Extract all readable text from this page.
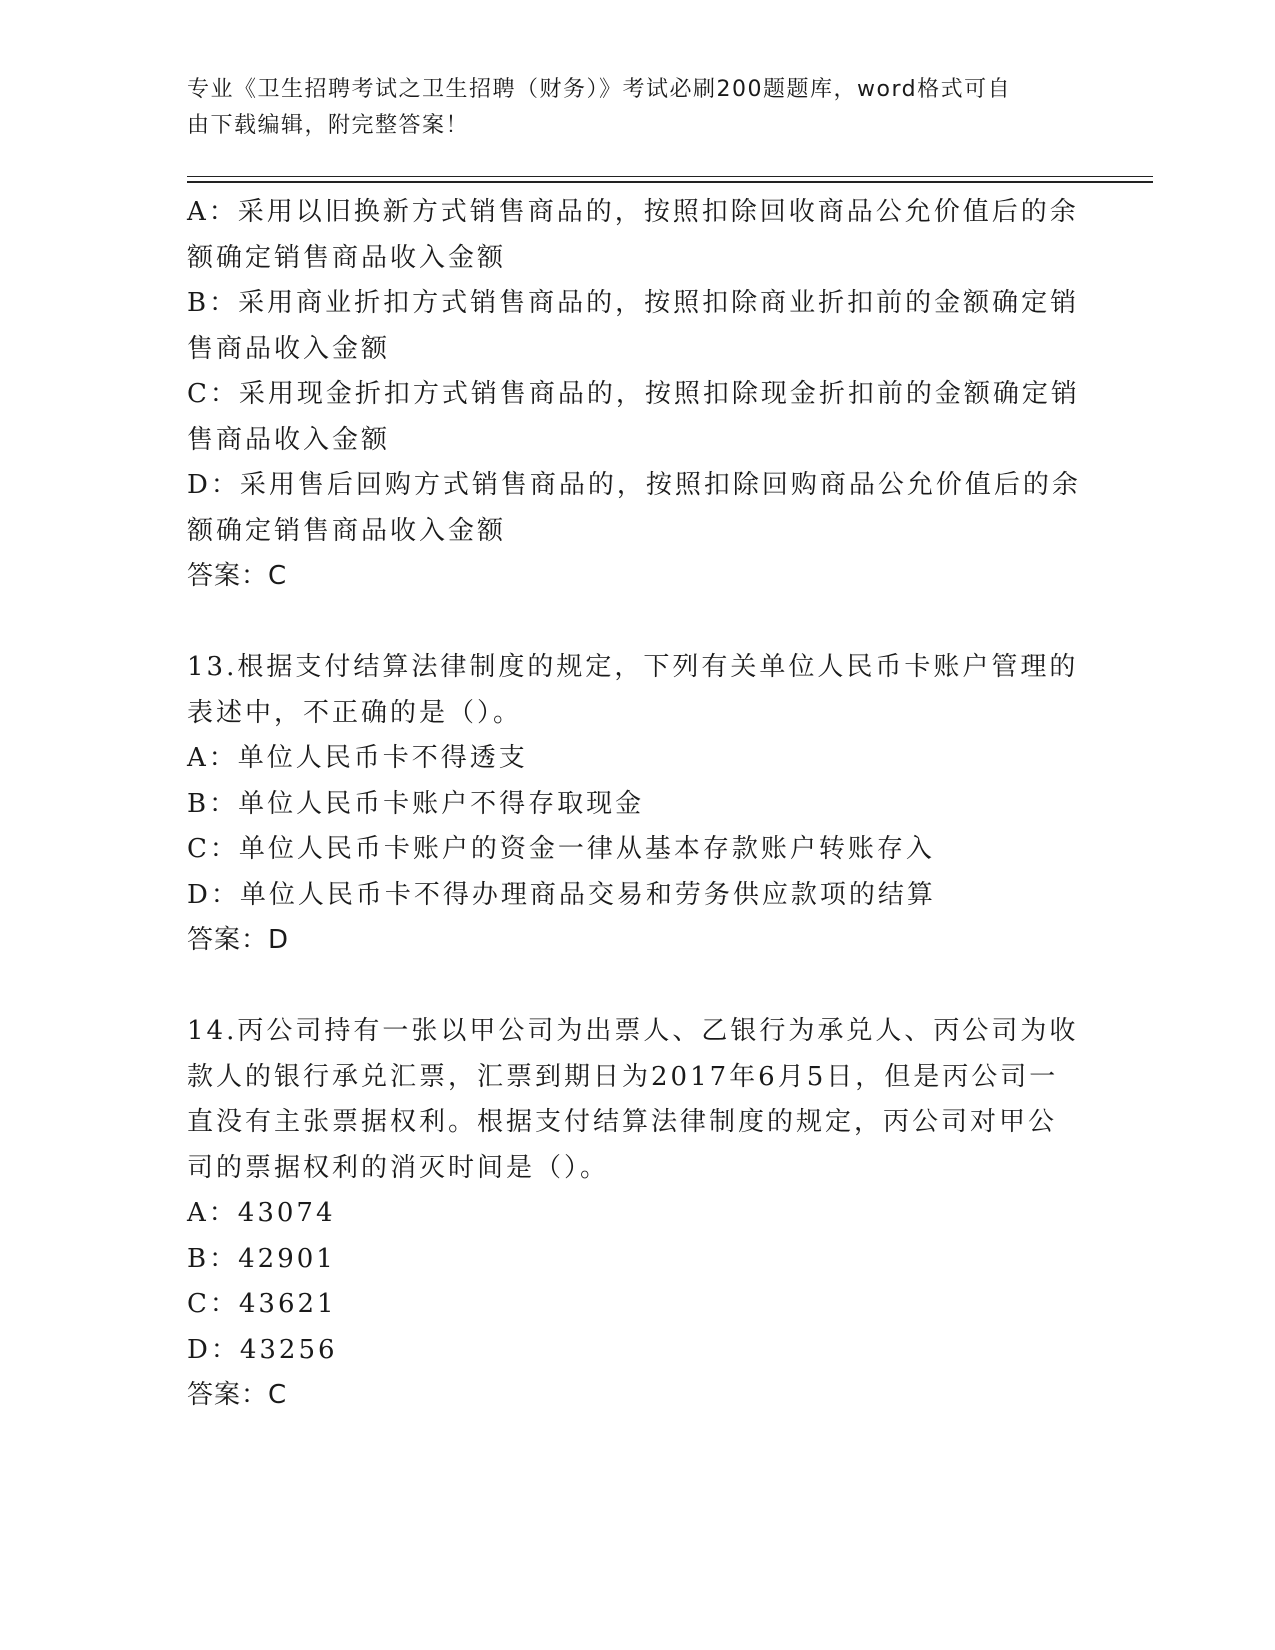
专业《卫生招聘考试之卫生招聘（财务）》考试必刷200题题库，word格式可自
由下载编辑，附完整答案！
A：采用以旧换新方式销售商品的，按照扣除回收商品公允价值后的余
额确定销售商品收入金额
B：采用商业折扣方式销售商品的，按照扣除商业折扣前的金额确定销
售商品收入金额
C：采用现金折扣方式销售商品的，按照扣除现金折扣前的金额确定销
售商品收入金额
D：采用售后回购方式销售商品的，按照扣除回购商品公允价值后的余
额确定销售商品收入金额
答案：C
13.根据支付结算法律制度的规定，下列有关单位人民币卡账户管理的
表述中，不正确的是（）。
A：单位人民币卡不得透支
B：单位人民币卡账户不得存取现金
C：单位人民币卡账户的资金一律从基本存款账户转账存入
D：单位人民币卡不得办理商品交易和劳务供应款项的结算
答案：D
14.丙公司持有一张以甲公司为出票人、乙银行为承兑人、丙公司为收
款人的银行承兑汇票，汇票到期日为2017年6月5日，但是丙公司一
直没有主张票据权利。根据支付结算法律制度的规定，丙公司对甲公
司的票据权利的消灭时间是（）。
A：43074
B：42901
C：43621
D：43256
答案：C
